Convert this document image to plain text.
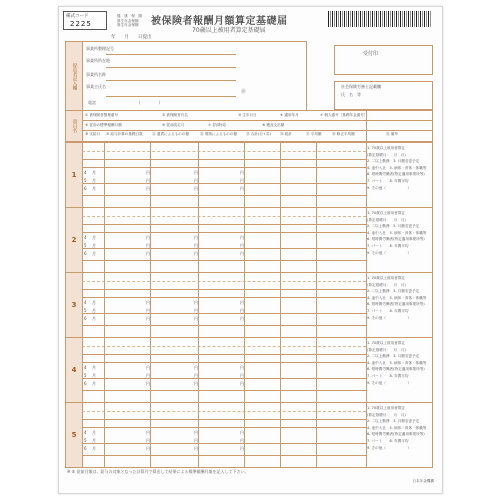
様式コード
2225
健　康　保　険
厚生年金保険
厚生年金保険	被保険者報酬月額算定基礎届
70歳以上被用者算定基礎届
年　　月　　日提出
提出者記入欄
事業所整理記号
事業所所在地
事業所名称
事業主氏名
㊞
電話	（　　　　）
受付印
社会保険労務士記載欄
氏　名　等
項目名
① 被保険者整理番号	② 被保険者氏名	③ 生年月日	④ 適用年月	⑦ 個人番号［基礎年金番号］
⑤ 従前の標準報酬月額	⑥ 従前改定月	⑦ 昇(降)給	⑧ 遡及支払額
⑨ 支給月 ⑩ 給与計算の基礎日数	⑪ 通貨によるものの額	⑫ 現物によるものの額 ⑬ 合計(⑪+⑫)	⑭ 総計	⑮ 平均額	⑯ 修正平均額	⑱ 備考
1	4 月	円	円	円
5 月	円	円	円
6 月	円	円	円
1. 70歳以上被用者算定
(算定基礎月：　月　月)
2. 二以上勤務　3. 月額変更予定
4. 途中入社　5. 病休・育休・休職等
6. 短時間労働者(特定適用事業所等)
7. パート　　8. 年間平均
9. その他（　　　　　　）
2	4 月	円	円	円
5 月	円	円	円
6 月	円	円	円
1. 70歳以上被用者算定
(算定基礎月：　月　月)
2. 二以上勤務　3. 月額変更予定
4. 途中入社　5. 病休・育休・休職等
6. 短時間労働者(特定適用事業所等)
7. パート　　8. 年間平均
9. その他（　　　　　　）
3	4 月	円	円	円
5 月	円	円	円
6 月	円	円	円
1. 70歳以上被用者算定
(算定基礎月：　月　月)
2. 二以上勤務　3. 月額変更予定
4. 途中入社　5. 病休・育休・休職等
6. 短時間労働者(特定適用事業所等)
7. パート　　8. 年間平均
9. その他（　　　　　　）
4	4 月	円	円	円
5 月	円	円	円
6 月	円	円	円
1. 70歳以上被用者算定
(算定基礎月：　月　月)
2. 二以上勤務　3. 月額変更予定
4. 途中入社　5. 病休・育休・休職等
6. 短時間労働者(特定適用事業所等)
7. パート　　8. 年間平均
9. その他（　　　　　　）
5	4 月	円	円	円
5 月	円	円	円
6 月	円	円	円
1. 70歳以上被用者算定
(算定基礎月：　月　月)
2. 二以上勤務　3. 月額変更予定
4. 途中入社　5. 病休・育休・休職等
6. 短時間労働者(特定適用事業所等)
7. パート　　8. 年間平均
9. その他（　　　　　　）
※ ⑤ 従前月額は、給与の対象となった計算月で算出して結果による標準報酬月額を記入して下さい。
日本年金機構
